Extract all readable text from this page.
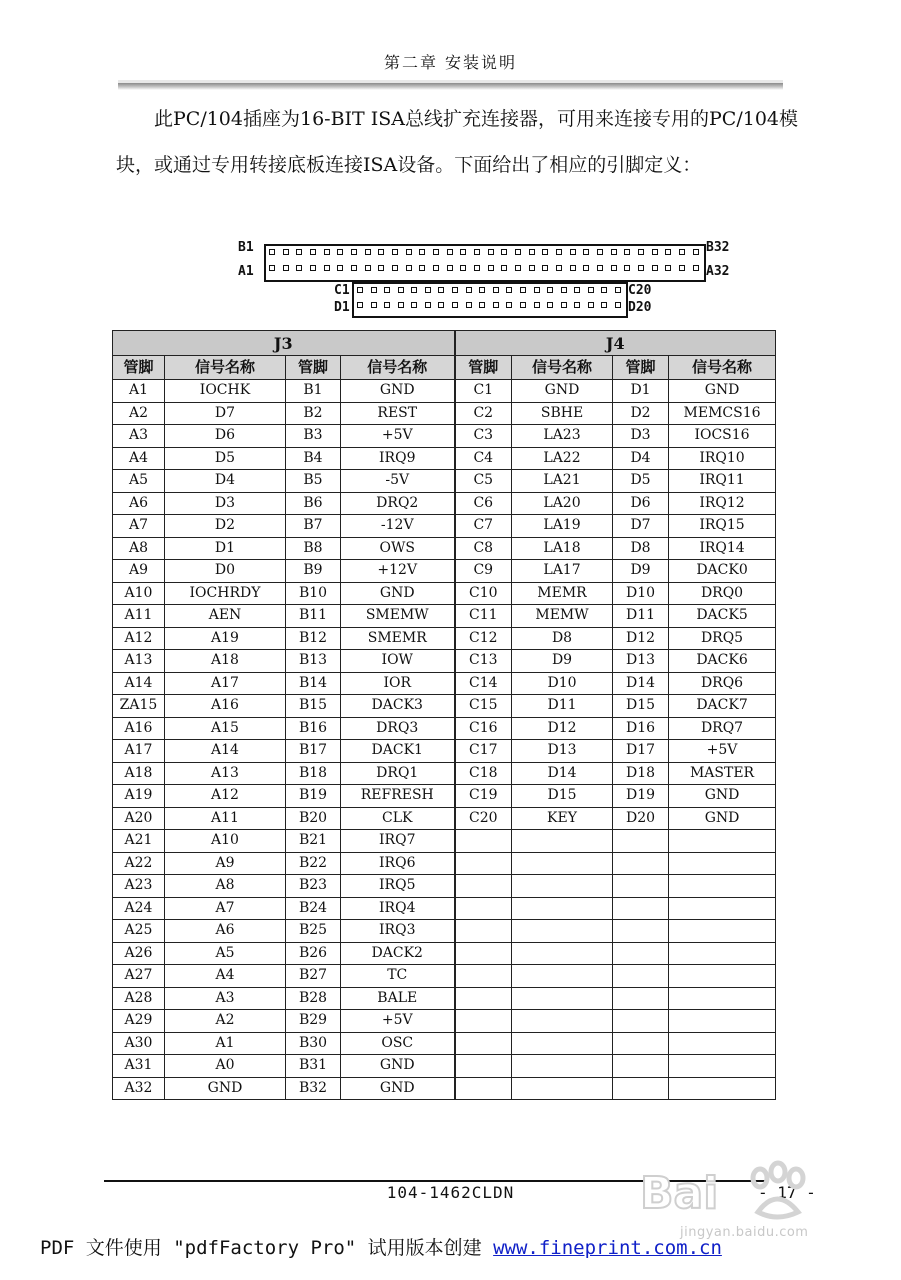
第二章 安装说明

此PC/104插座为16-BIT ISA总线扩充连接器，可用来连接专用的PC/104模块，或通过专用转接底板连接ISA设备。下面给出了相应的引脚定义：

B1
A1
B32
A32
C1
D1
C20
D20
J3				J4			
管脚	信号名称	管脚	信号名称	管脚	信号名称	管脚	信号名称
A1	IOCHK	B1	GND	C1	GND	D1	GND
A2	D7	B2	REST	C2	SBHE	D2	MEMCS16
A3	D6	B3	+5V	C3	LA23	D3	IOCS16
A4	D5	B4	IRQ9	C4	LA22	D4	IRQ10
A5	D4	B5	-5V	C5	LA21	D5	IRQ11
A6	D3	B6	DRQ2	C6	LA20	D6	IRQ12
A7	D2	B7	-12V	C7	LA19	D7	IRQ15
A8	D1	B8	OWS	C8	LA18	D8	IRQ14
A9	D0	B9	+12V	C9	LA17	D9	DACK0
A10	IOCHRDY	B10	GND	C10	MEMR	D10	DRQ0
A11	AEN	B11	SMEMW	C11	MEMW	D11	DACK5
A12	A19	B12	SMEMR	C12	D8	D12	DRQ5
A13	A18	B13	IOW	C13	D9	D13	DACK6
A14	A17	B14	IOR	C14	D10	D14	DRQ6
ZA15	A16	B15	DACK3	C15	D11	D15	DACK7
A16	A15	B16	DRQ3	C16	D12	D16	DRQ7
A17	A14	B17	DACK1	C17	D13	D17	+5V
A18	A13	B18	DRQ1	C18	D14	D18	MASTER
A19	A12	B19	REFRESH	C19	D15	D19	GND
A20	A11	B20	CLK	C20	KEY	D20	GND
A21	A10	B21	IRQ7				
A22	A9	B22	IRQ6				
A23	A8	B23	IRQ5				
A24	A7	B24	IRQ4				
A25	A6	B25	IRQ3				
A26	A5	B26	DACK2				
A27	A4	B27	TC				
A28	A3	B28	BALE				
A29	A2	B29	+5V				
A30	A1	B30	OSC				
A31	A0	B31	GND				
A32	GND	B32	GND				
104-1462CLDN	- 17 -
Bai
jingyan.baidu.com
PDF 文件使用 "pdfFactory Pro" 试用版本创建 www.fineprint.com.cn
